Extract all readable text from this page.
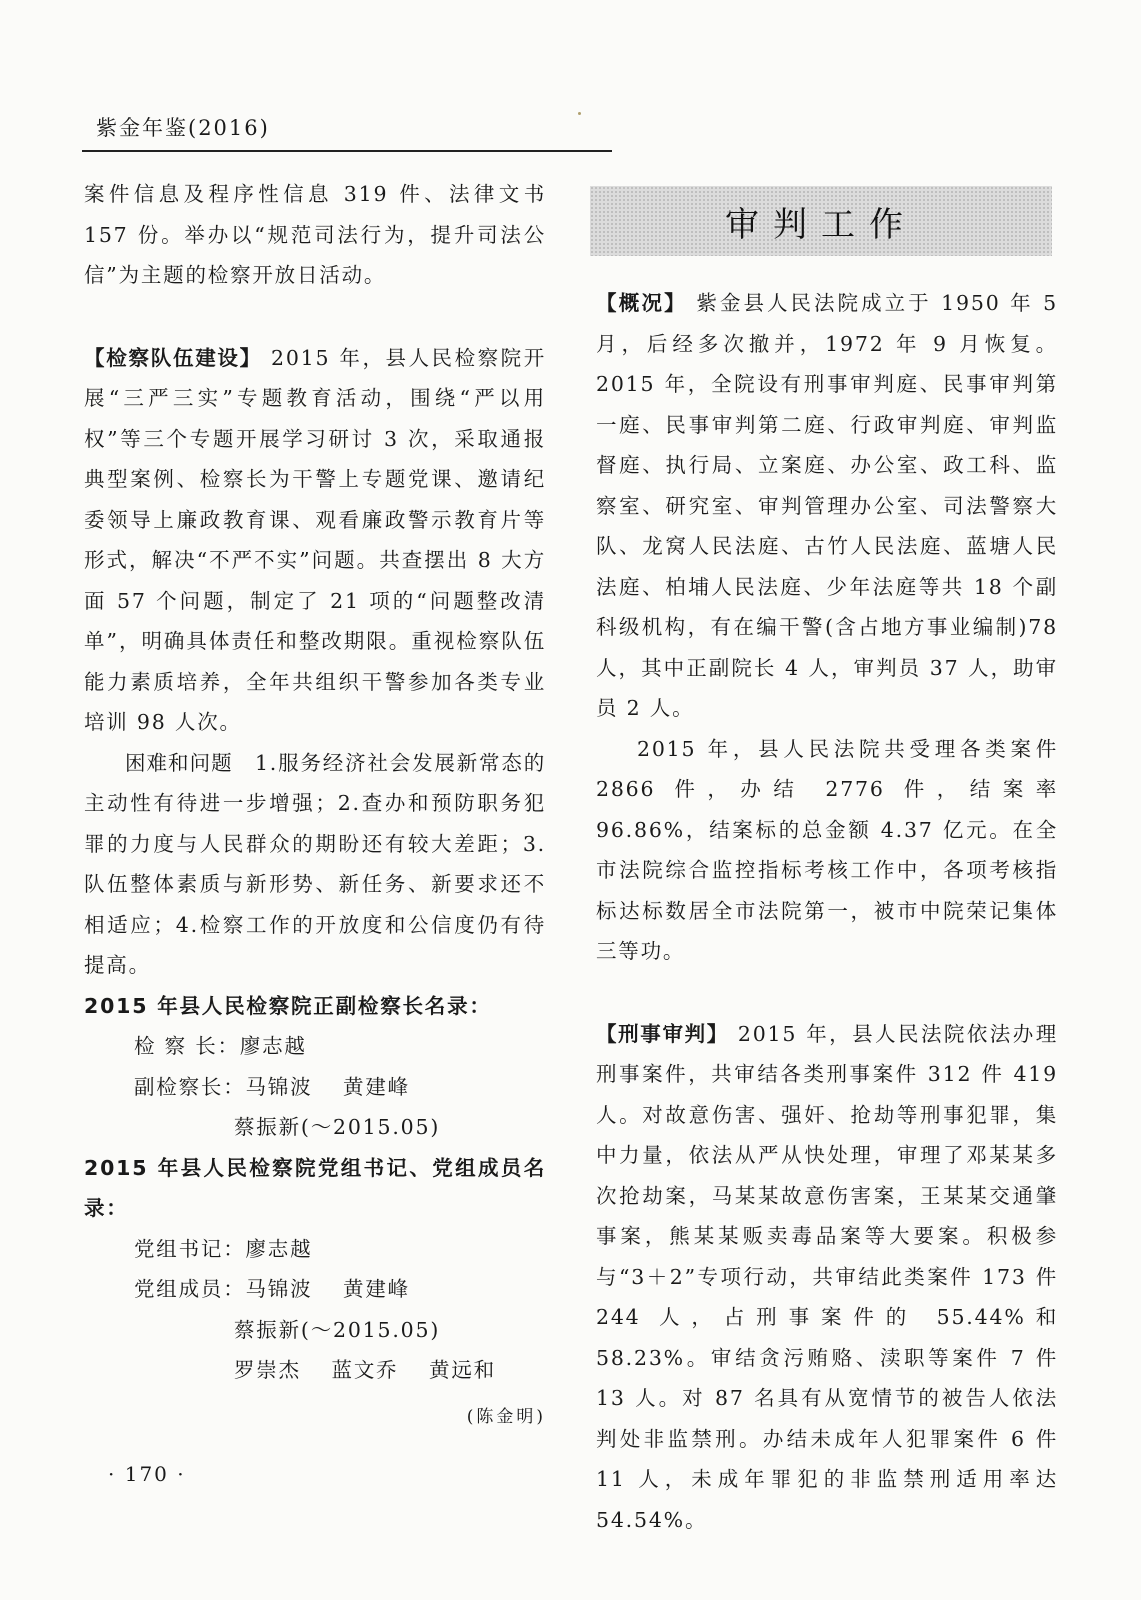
紫金年鉴(2016)

案件信息及程序性信息 319 件、法律文书 157 份。举办以“规范司法行为，提升司法公信”为主题的检察开放日活动。

【检察队伍建设】 2015 年，县人民检察院开展“三严三实”专题教育活动，围绕“严以用权”等三个专题开展学习研讨 3 次，采取通报典型案例、检察长为干警上专题党课、邀请纪委领导上廉政教育课、观看廉政警示教育片等形式，解决“不严不实”问题。共查摆出 8 大方面 57 个问题，制定了 21 项的“问题整改清单”，明确具体责任和整改期限。重视检察队伍能力素质培养，全年共组织干警参加各类专业培训 98 人次。

困难和问题　1.服务经济社会发展新常态的主动性有待进一步增强；2.查办和预防职务犯罪的力度与人民群众的期盼还有较大差距；3.队伍整体素质与新形势、新任务、新要求还不相适应；4.检察工作的开放度和公信度仍有待提高。

2015 年县人民检察院正副检察长名录：

检 察 长：廖志越

副检察长：马锦波　 黄建峰

蔡振新(～2015.05)

2015 年县人民检察院党组书记、党组成员名录：

党组书记：廖志越

党组成员：马锦波　 黄建峰

蔡振新(～2015.05)

罗崇杰　 蓝文乔　 黄远和

(陈金明)
审判工作

【概况】 紫金县人民法院成立于 1950 年 5 月，后经多次撤并，1972 年 9 月恢复。2015 年，全院设有刑事审判庭、民事审判第一庭、民事审判第二庭、行政审判庭、审判监督庭、执行局、立案庭、办公室、政工科、监察室、研究室、审判管理办公室、司法警察大队、龙窝人民法庭、古竹人民法庭、蓝塘人民法庭、柏埔人民法庭、少年法庭等共 18 个副科级机构，有在编干警(含占地方事业编制)78 人，其中正副院长 4 人，审判员 37 人，助审员 2 人。

2015 年，县人民法院共受理各类案件 2866 件，办结 2776 件，结案率 96.86%，结案标的总金额 4.37 亿元。在全市法院综合监控指标考核工作中，各项考核指标达标数居全市法院第一，被市中院荣记集体三等功。

【刑事审判】 2015 年，县人民法院依法办理刑事案件，共审结各类刑事案件 312 件 419 人。对故意伤害、强奸、抢劫等刑事犯罪，集中力量，依法从严从快处理，审理了邓某某多次抢劫案，马某某故意伤害案，王某某交通肇事案，熊某某贩卖毒品案等大要案。积极参与“3＋2”专项行动，共审结此类案件 173 件 244 人，占刑事案件的 55.44%和 58.23%。审结贪污贿赂、渎职等案件 7 件 13 人。对 87 名具有从宽情节的被告人依法判处非监禁刑。办结未成年人犯罪案件 6 件 11 人，未成年罪犯的非监禁刑适用率达 54.54%。

· 170 ·
